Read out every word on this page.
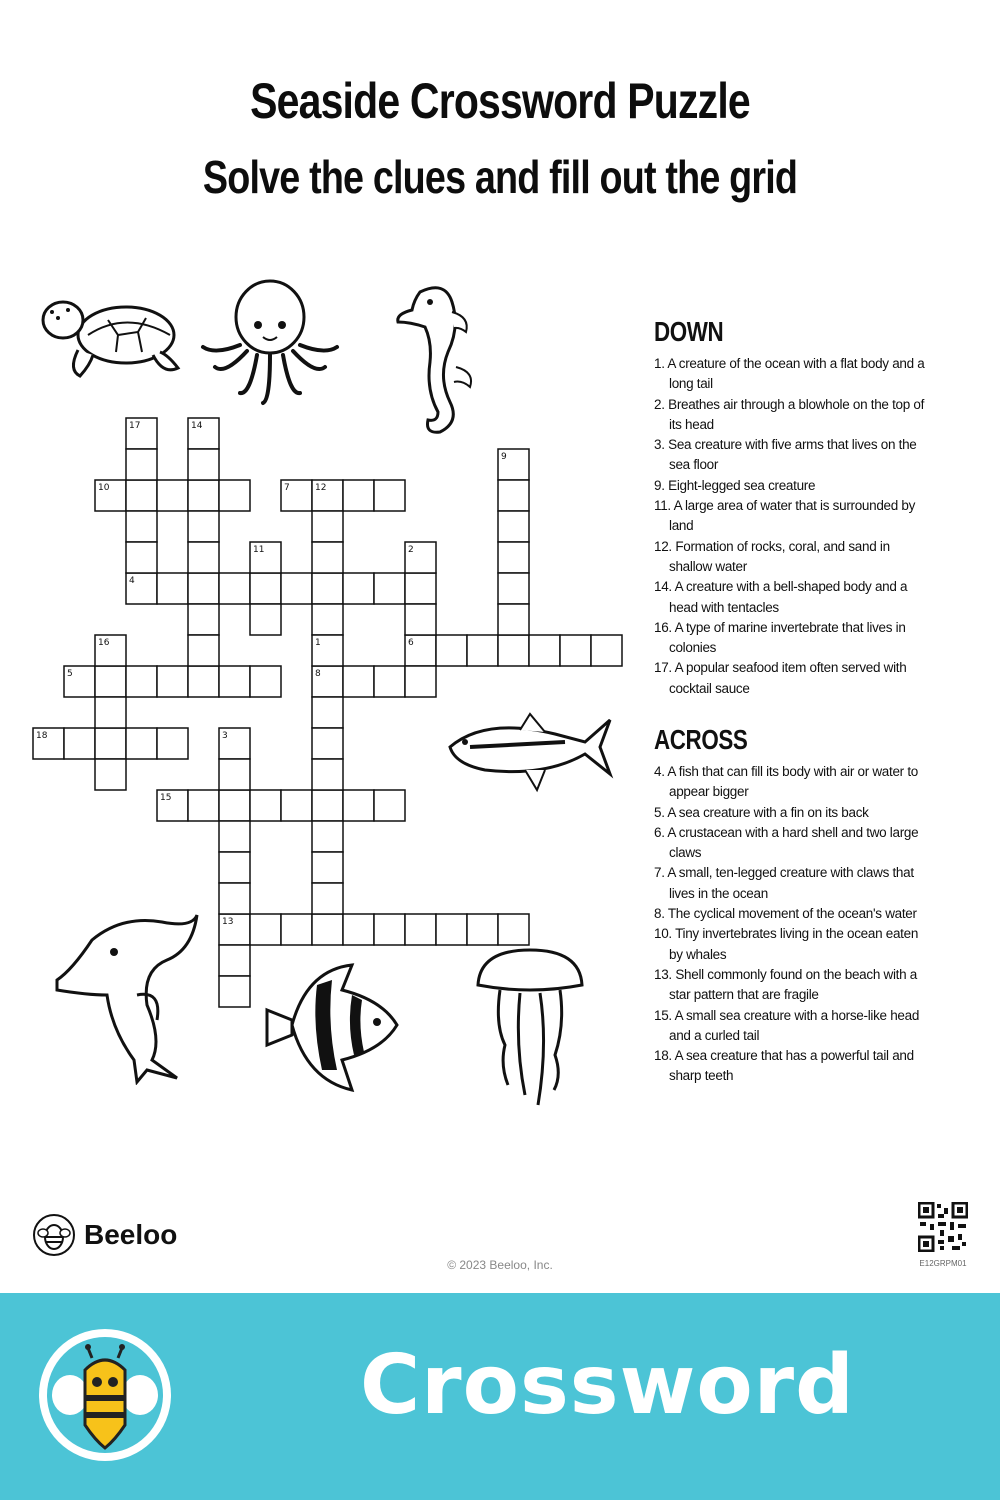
Seaside Crossword Puzzle
Solve the clues and fill out the grid
17	14
9
10	7	12
11	2
4
16	1	6
5	8
18	3
15
13
DOWN
1. A creature of the ocean with a flat body and a long tail
2. Breathes air through a blowhole on the top of its head
3. Sea creature with five arms that lives on the sea floor
9. Eight-legged sea creature
11. A large area of water that is surrounded by land
12. Formation of rocks, coral, and sand in shallow water
14. A creature with a bell-shaped body and a head with tentacles
16. A type of marine invertebrate that lives in colonies
17. A popular seafood item often served with cocktail sauce
ACROSS
4. A fish that can fill its body with air or water to appear bigger
5. A sea creature with a fin on its back
6. A crustacean with a hard shell and two large claws
7. A small, ten-legged creature with claws that lives in the ocean
8. The cyclical movement of the ocean's water
10. Tiny invertebrates living in the ocean eaten by whales
13. Shell commonly found on the beach with a star pattern that are fragile
15. A small sea creature with a horse-like head and a curled tail
18. A sea creature that has a powerful tail and sharp teeth
Beeloo
© 2023 Beeloo, Inc.	E12GRPM01
Crossword
